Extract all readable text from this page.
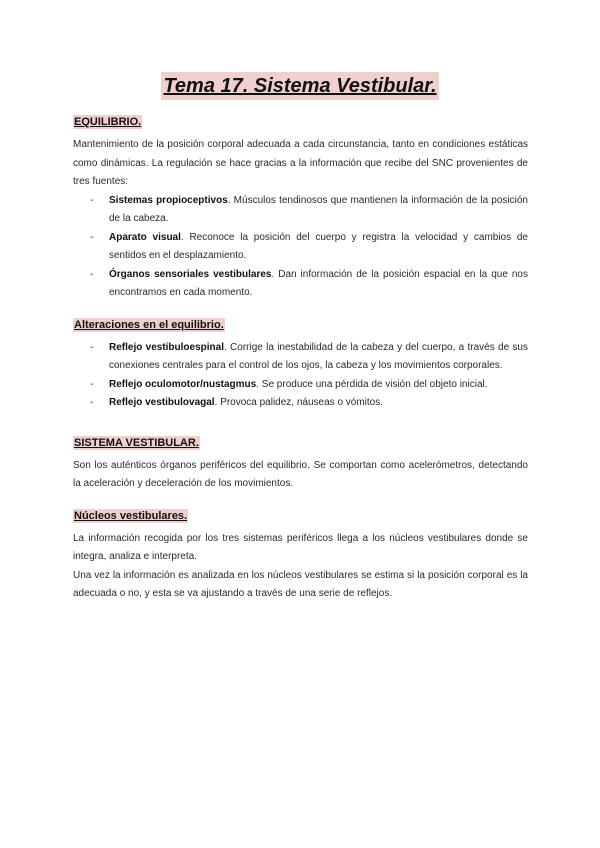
Tema 17. Sistema Vestibular.
EQUILIBRIO.

Mantenimiento de la posición corporal adecuada a cada circunstancia, tanto en condiciones estáticas como dinámicas. La regulación se hace gracias a la información que recibe del SNC provenientes de tres fuentes:

- Sistemas propioceptivos. Músculos tendinosos que mantienen la información de la posición de la cabeza.
- Aparato visual. Reconoce la posición del cuerpo y registra la velocidad y cambios de sentidos en el desplazamiento.
- Órganos sensoriales vestibulares. Dan información de la posición espacial en la que nos encontramos en cada momento.
Alteraciones en el equilibrio.
- Reflejo vestibuloespinal. Corrige la inestabilidad de la cabeza y del cuerpo, a través de sus conexiones centrales para el control de los ojos, la cabeza y los movimientos corporales.
- Reflejo oculomotor/nustagmus. Se produce una pérdida de visión del objeto inicial.
- Reflejo vestibulovagal. Provoca palidez, náuseas o vómitos.
SISTEMA VESTIBULAR.

Son los auténticos órganos periféricos del equilibrio. Se comportan como acelerómetros, detectando la aceleración y deceleración de los movimientos.

Núcleos vestibulares.

La información recogida por los tres sistemas periféricos llega a los núcleos vestibulares donde se integra, analiza e interpreta.

Una vez la información es analizada en los núcleos vestibulares se estima si la posición corporal es la adecuada o no, y esta se va ajustando a través de una serie de reflejos.
